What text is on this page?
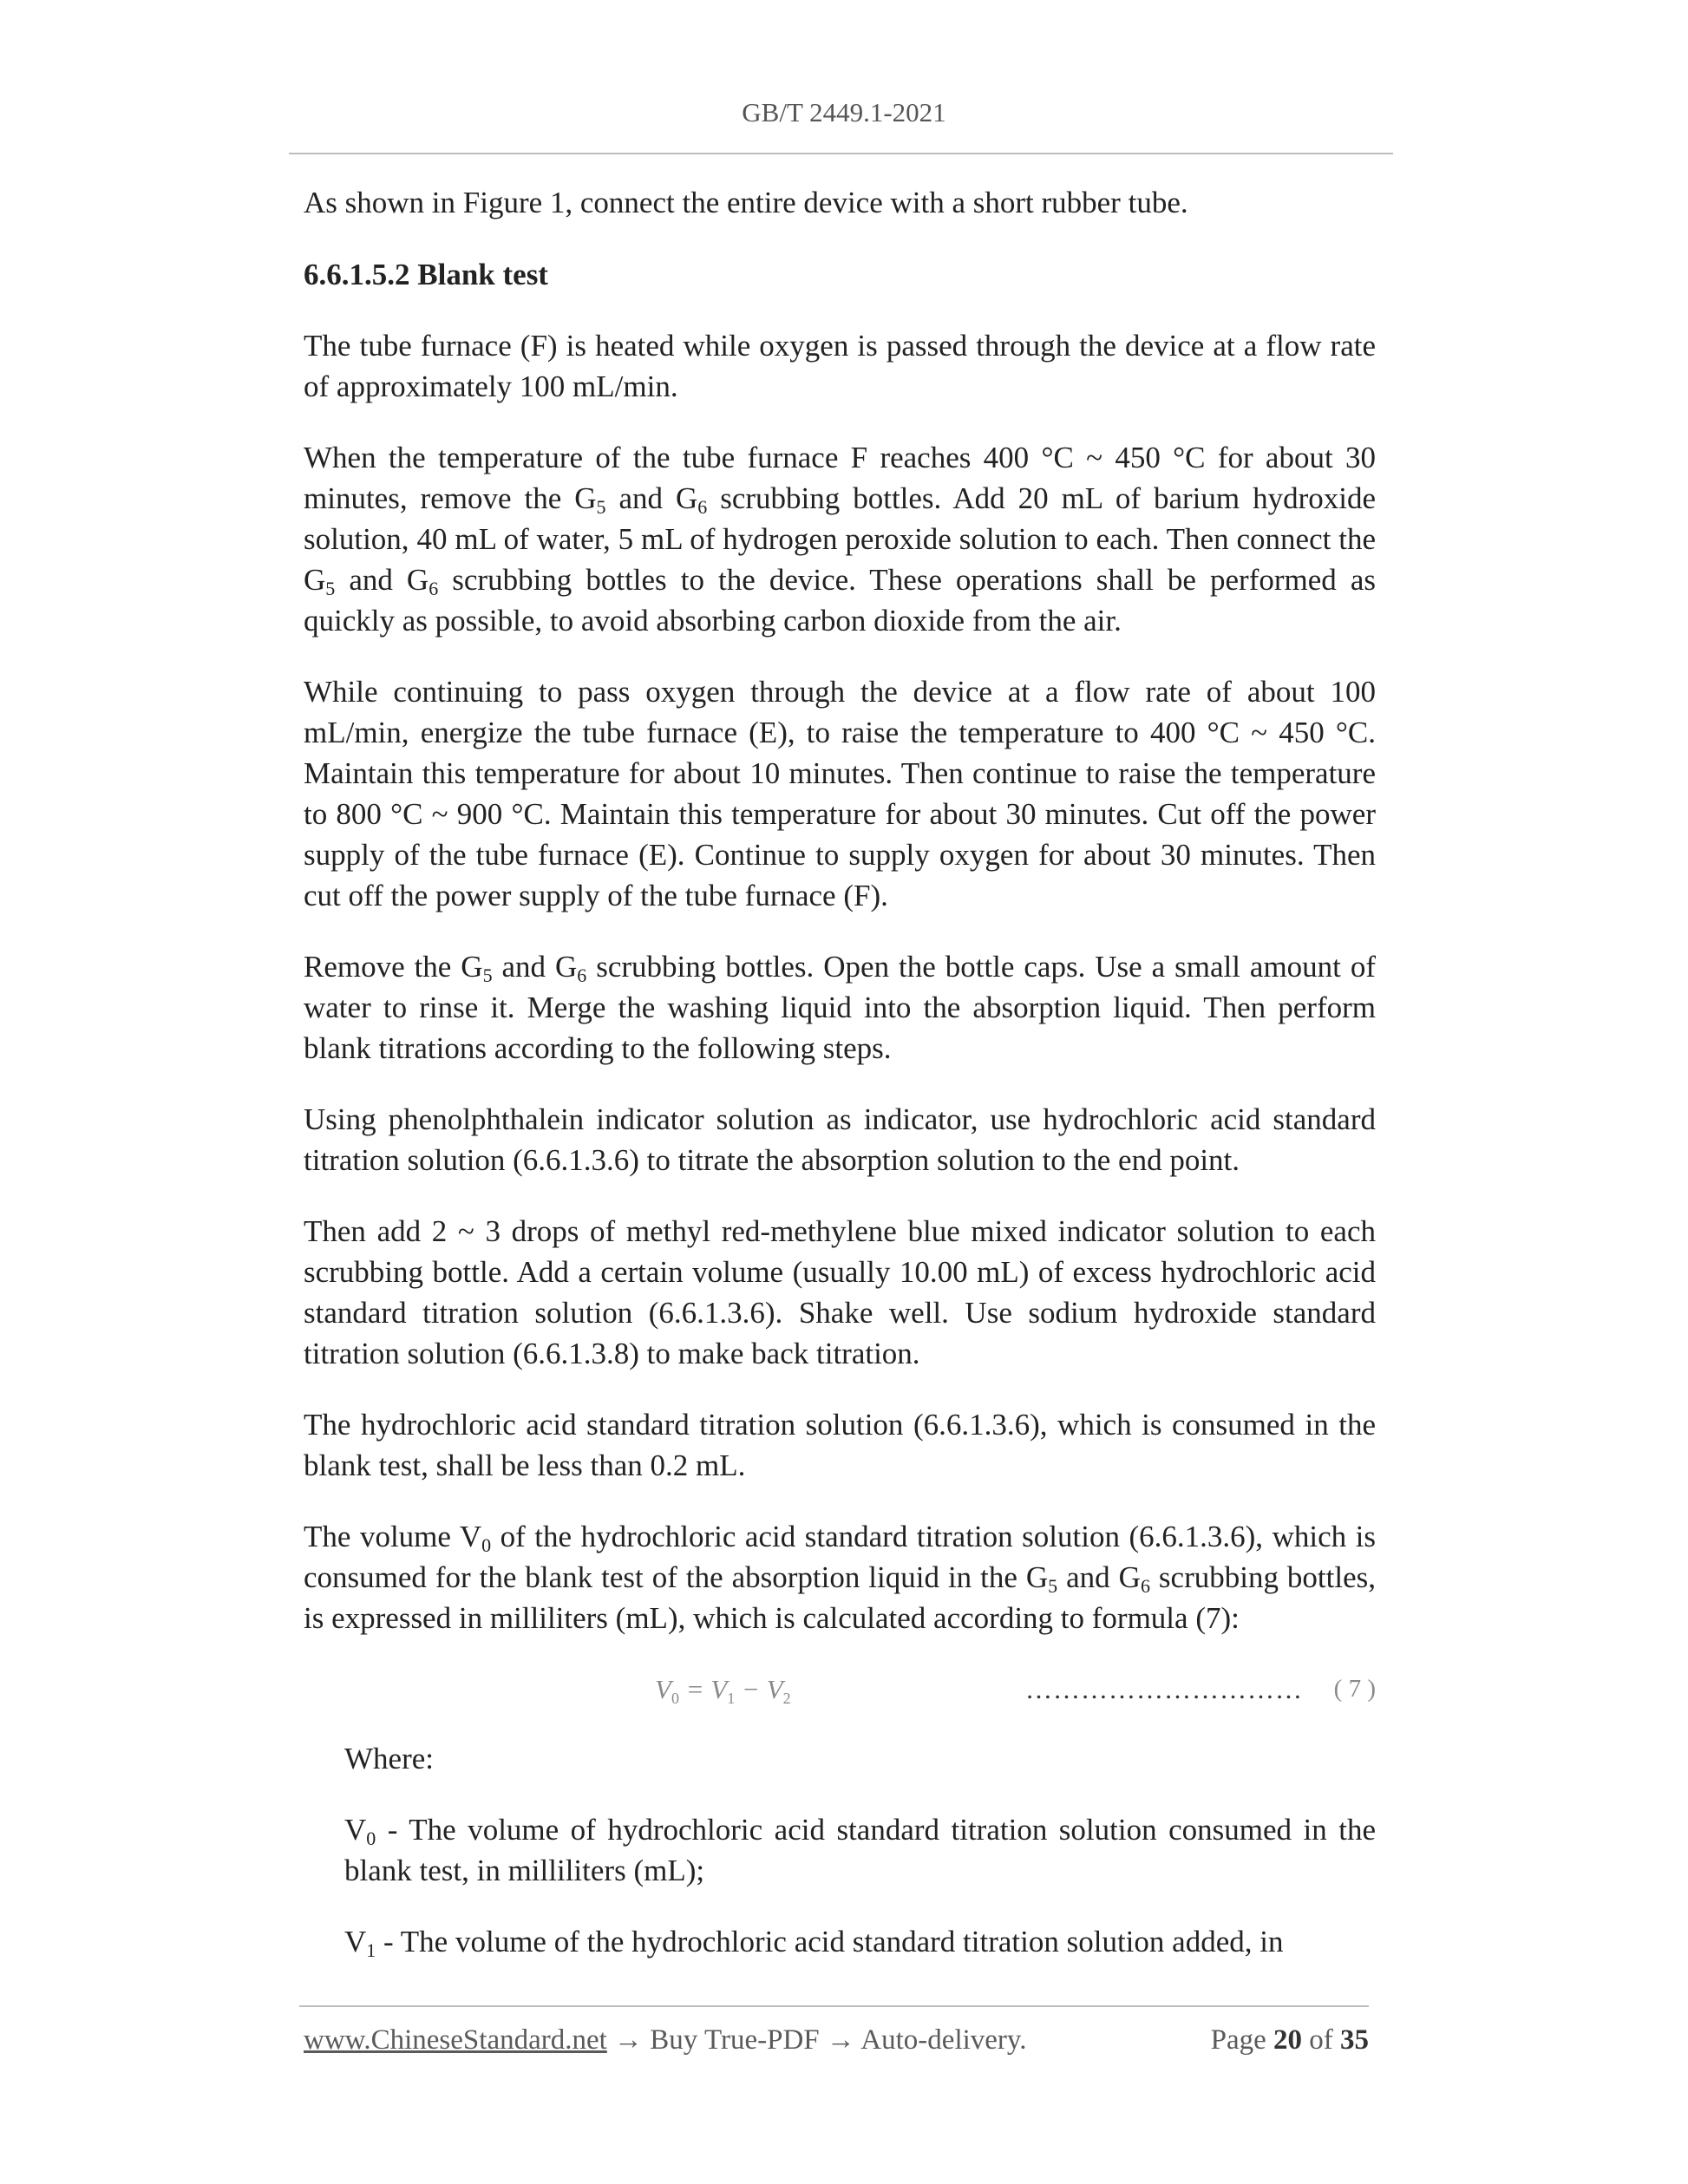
GB/T 2449.1-2021

As shown in Figure 1, connect the entire device with a short rubber tube.

6.6.1.5.2 Blank test

The tube furnace (F) is heated while oxygen is passed through the device at a flow rate of approximately 100 mL/min.

When the temperature of the tube furnace F reaches 400 °C ~ 450 °C for about 30 minutes, remove the $G_5$ and $G_6$ scrubbing bottles. Add 20 mL of barium hydroxide solution, 40 mL of water, 5 mL of hydrogen peroxide solution to each. Then connect the $G_5$ and $G_6$ scrubbing bottles to the device. These operations shall be performed as quickly as possible, to avoid absorbing carbon dioxide from the air.

While continuing to pass oxygen through the device at a flow rate of about 100 mL/min, energize the tube furnace (E), to raise the temperature to 400 °C ~ 450 °C. Maintain this temperature for about 10 minutes. Then continue to raise the temperature to 800 °C ~ 900 °C. Maintain this temperature for about 30 minutes. Cut off the power supply of the tube furnace (E). Continue to supply oxygen for about 30 minutes. Then cut off the power supply of the tube furnace (F).

Remove the $G_5$ and $G_6$ scrubbing bottles. Open the bottle caps. Use a small amount of water to rinse it. Merge the washing liquid into the absorption liquid. Then perform blank titrations according to the following steps.

Using phenolphthalein indicator solution as indicator, use hydrochloric acid standard titration solution (6.6.1.3.6) to titrate the absorption solution to the end point.

Then add 2 ~ 3 drops of methyl red-methylene blue mixed indicator solution to each scrubbing bottle. Add a certain volume (usually 10.00 mL) of excess hydrochloric acid standard titration solution (6.6.1.3.6). Shake well. Use sodium hydroxide standard titration solution (6.6.1.3.8) to make back titration.

The hydrochloric acid standard titration solution (6.6.1.3.6), which is consumed in the blank test, shall be less than 0.2 mL.

The volume $V_0$ of the hydrochloric acid standard titration solution (6.6.1.3.6), which is consumed for the blank test of the absorption liquid in the $G_5$ and $G_6$ scrubbing bottles, is expressed in milliliters (mL), which is calculated according to formula (7):

$V_0 = V_1 - V_2$	………………………… ( 7 )

Where:

$V_0$ - The volume of hydrochloric acid standard titration solution consumed in the blank test, in milliliters (mL);

$V_1$ - The volume of the hydrochloric acid standard titration solution added, in

www.ChineseStandard.net → Buy True-PDF → Auto-delivery.	Page 20 of 35
